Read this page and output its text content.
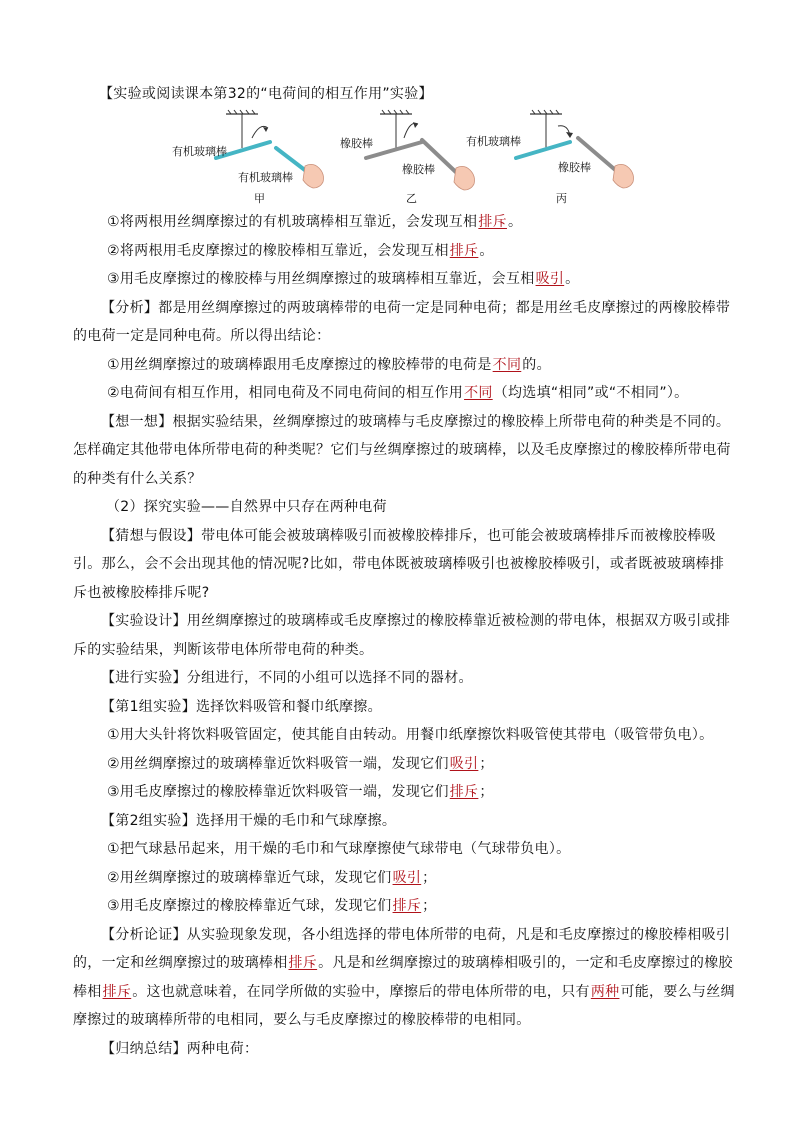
【实验或阅读课本第32的“电荷间的相互作用”实验】
有机玻璃棒
有机玻璃棒
甲
橡胶棒
橡胶棒
乙
有机玻璃棒
橡胶棒
丙
①将两根用丝绸摩擦过的有机玻璃棒相互靠近，会发现互相排斥。
②将两根用毛皮摩擦过的橡胶棒相互靠近，会发现互相排斥。
③用毛皮摩擦过的橡胶棒与用丝绸摩擦过的玻璃棒相互靠近，会互相吸引。
【分析】都是用丝绸摩擦过的两玻璃棒带的电荷一定是同种电荷；都是用丝毛皮摩擦过的两橡胶棒带
的电荷一定是同种电荷。所以得出结论：
①用丝绸摩擦过的玻璃棒跟用毛皮摩擦过的橡胶棒带的电荷是不同的。
②电荷间有相互作用，相同电荷及不同电荷间的相互作用不同（均选填“相同”或“不相同”）。
【想一想】根据实验结果，丝绸摩擦过的玻璃棒与毛皮摩擦过的橡胶棒上所带电荷的种类是不同的。
怎样确定其他带电体所带电荷的种类呢？它们与丝绸摩擦过的玻璃棒，以及毛皮摩擦过的橡胶棒所带电荷
的种类有什么关系？
（2）探究实验——自然界中只存在两种电荷
【猜想与假设】带电体可能会被玻璃棒吸引而被橡胶棒排斥，也可能会被玻璃棒排斥而被橡胶棒吸
引。那么，会不会出现其他的情况呢?比如，带电体既被玻璃棒吸引也被橡胶棒吸引，或者既被玻璃棒排
斥也被橡胶棒排斥呢?
【实验设计】用丝绸摩擦过的玻璃棒或毛皮摩擦过的橡胶棒靠近被检测的带电体，根据双方吸引或排
斥的实验结果，判断该带电体所带电荷的种类。
【进行实验】分组进行，不同的小组可以选择不同的器材。
【第1组实验】选择饮料吸管和餐巾纸摩擦。
①用大头针将饮料吸管固定，使其能自由转动。用餐巾纸摩擦饮料吸管使其带电（吸管带负电）。
②用丝绸摩擦过的玻璃棒靠近饮料吸管一端，发现它们吸引；
③用毛皮摩擦过的橡胶棒靠近饮料吸管一端，发现它们排斥；
【第2组实验】选择用干燥的毛巾和气球摩擦。
①把气球悬吊起来，用干燥的毛巾和气球摩擦使气球带电（气球带负电）。
②用丝绸摩擦过的玻璃棒靠近气球，发现它们吸引；
③用毛皮摩擦过的橡胶棒靠近气球，发现它们排斥；
【分析论证】从实验现象发现，各小组选择的带电体所带的电荷，凡是和毛皮摩擦过的橡胶棒相吸引
的，一定和丝绸摩擦过的玻璃棒相排斥。凡是和丝绸摩擦过的玻璃棒相吸引的，一定和毛皮摩擦过的橡胶
棒相排斥。这也就意味着，在同学所做的实验中，摩擦后的带电体所带的电，只有两种可能，要么与丝绸
摩擦过的玻璃棒所带的电相同，要么与毛皮摩擦过的橡胶棒带的电相同。
【归纳总结】两种电荷：
